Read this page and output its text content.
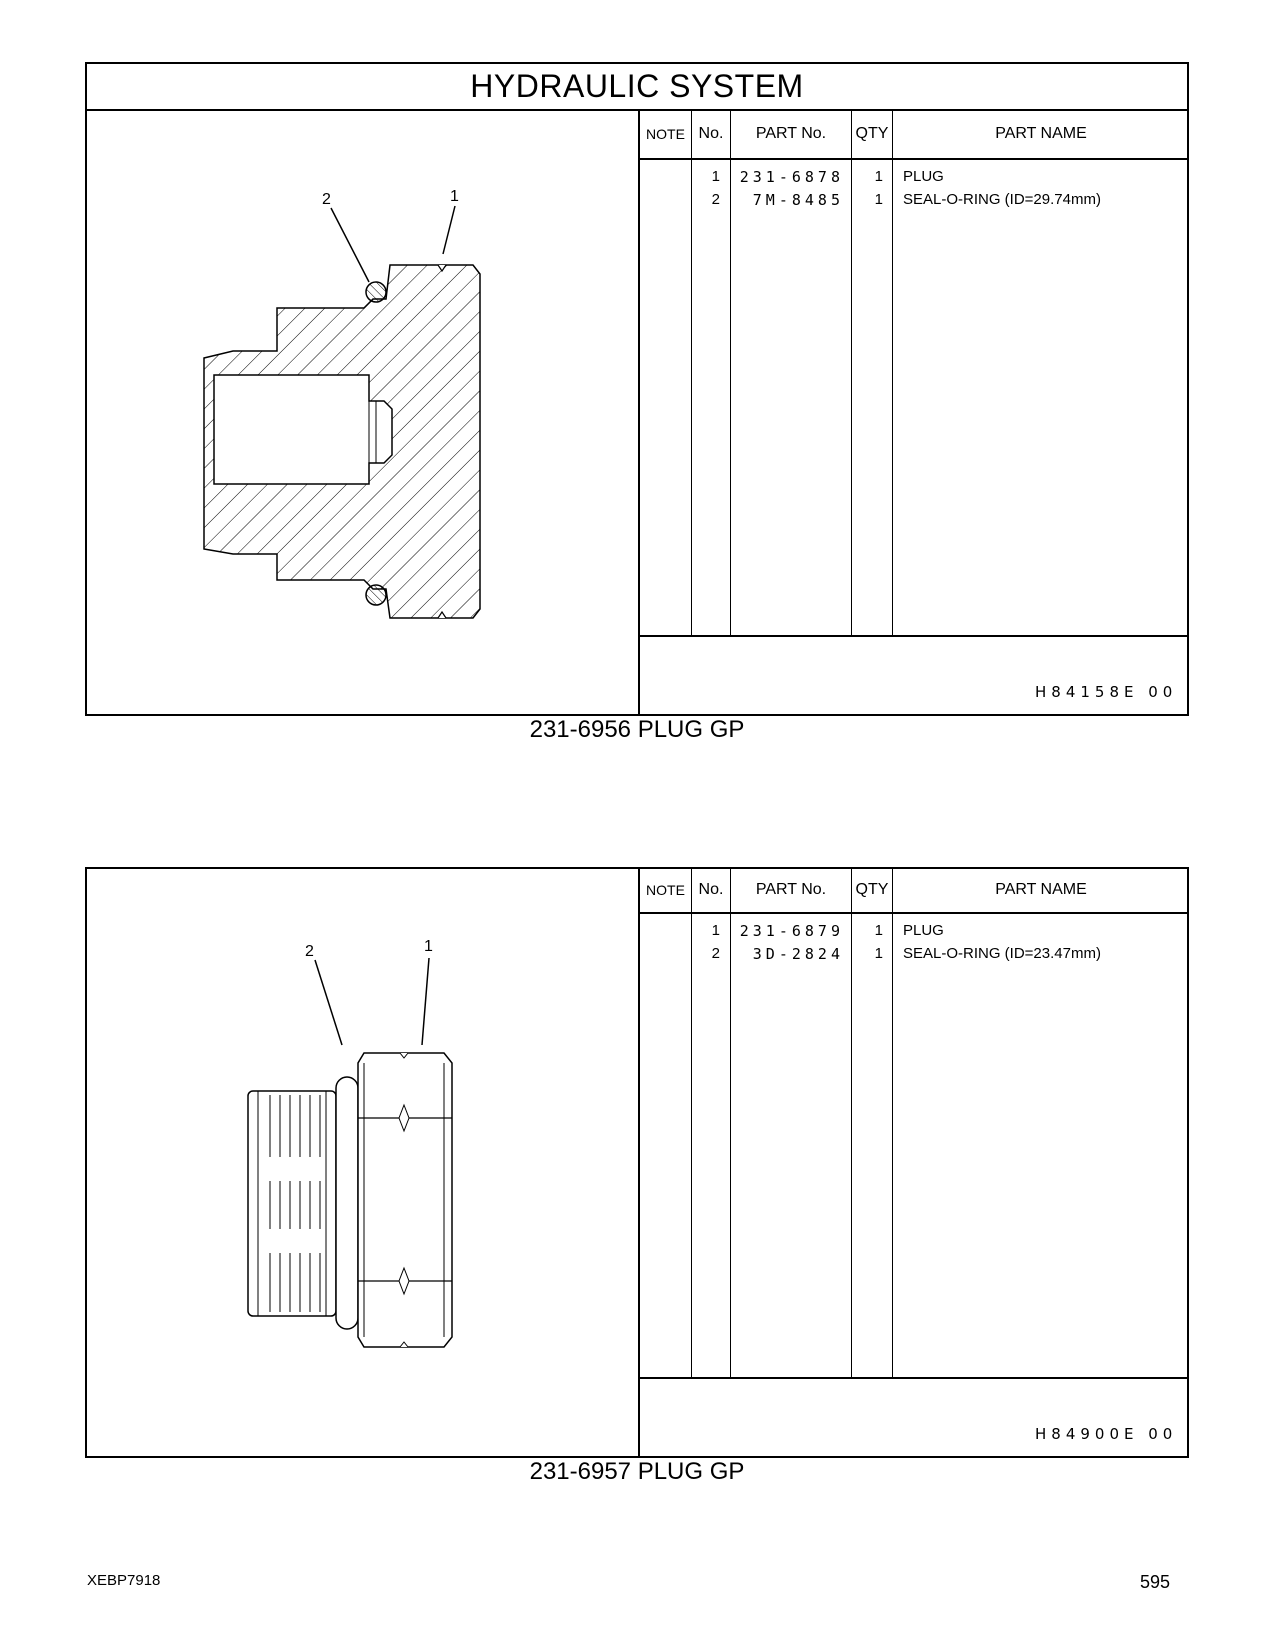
HYDRAULIC SYSTEM
NOTE No.	PART No.	QTY	PART NAME
1	231-6878	1 PLUG
2	7M-8485	1 SEAL-O-RING (ID=29.74mm)
H84158E 00
231-6956 PLUG GP
2	1
NOTE No.	PART No.	QTY	PART NAME
1	231-6879	1 PLUG
2	3D-2824	1 SEAL-O-RING (ID=23.47mm)
H84900E 00
231-6957 PLUG GP
2	1
XEBP7918	595
